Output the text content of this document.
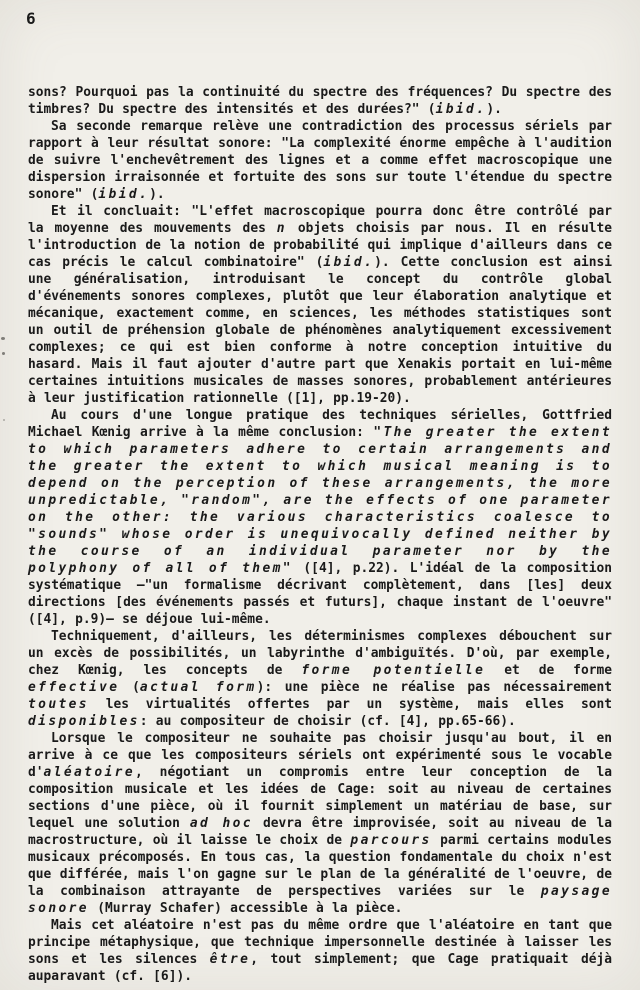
6

sons? Pourquoi pas la continuité du spectre des fréquences? Du spectre des timbres? Du spectre des intensités et des durées?" (ibid.).

Sa seconde remarque relève une contradiction des processus sériels par rapport à leur résultat sonore: "La complexité énorme empêche à l'audition de suivre l'enchevêtrement des lignes et a comme effet macroscopique une dispersion irraisonnée et fortuite des sons sur toute l'étendue du spectre sonore" (ibid.).

Et il concluait: "L'effet macroscopique pourra donc être contrôlé par la moyenne des mouvements des n objets choisis par nous. Il en résulte l'introduction de la notion de probabilité qui implique d'ailleurs dans ce cas précis le calcul combinatoire" (ibid.). Cette conclusion est ainsi une généralisation, introduisant le concept du contrôle global d'événements sonores complexes, plutôt que leur élaboration analytique et mécanique, exactement comme, en sciences, les méthodes statistiques sont un outil de préhension globale de phénomènes analytiquement excessivement complexes; ce qui est bien conforme à notre conception intuitive du hasard. Mais il faut ajouter d'autre part que Xenakis portait en lui-même certaines intuitions musicales de masses sonores, probablement antérieures à leur justification rationnelle ([1], pp.19-20).

Au cours d'une longue pratique des techniques sérielles, Gottfried Michael Kœnig arrive à la même conclusion: "The greater the extent to which parameters adhere to certain arrangements and the greater the extent to which musical meaning is to depend on the perception of these arrangements, the more unpredictable, "random", are the effects of one parameter on the other: the various characteristics coalesce to "sounds" whose order is unequivocally defined neither by the course of an individual parameter nor by the polyphony of all of them" ([4], p.22). L'idéal de la composition systématique —"un formalisme décrivant complètement, dans [les] deux directions [des événements passés et futurs], chaque instant de l'oeuvre" ([4], p.9)— se déjoue lui-même.

Techniquement, d'ailleurs, les déterminismes complexes débouchent sur un excès de possibilités, un labyrinthe d'ambiguïtés. D'où, par exemple, chez Kœnig, les concepts de forme potentielle et de forme effective (actual form): une pièce ne réalise pas nécessairement toutes les virtualités offertes par un système, mais elles sont disponibles: au compositeur de choisir (cf. [4], pp.65-66).

Lorsque le compositeur ne souhaite pas choisir jusqu'au bout, il en arrive à ce que les compositeurs sériels ont expérimenté sous le vocable d'aléatoire, négotiant un compromis entre leur conception de la composition musicale et les idées de Cage: soit au niveau de certaines sections d'une pièce, où il fournit simplement un matériau de base, sur lequel une solution ad hoc devra être improvisée, soit au niveau de la macrostructure, où il laisse le choix de parcours parmi certains modules musicaux précomposés. En tous cas, la question fondamentale du choix n'est que différée, mais l'on gagne sur le plan de la généralité de l'oeuvre, de la combinaison attrayante de perspectives variées sur le paysage sonore (Murray Schafer) accessible à la pièce.

Mais cet aléatoire n'est pas du même ordre que l'aléatoire en tant que principe métaphysique, que technique impersonnelle destinée à laisser les sons et les silences être, tout simplement; que Cage pratiquait déjà auparavant (cf. [6]).
